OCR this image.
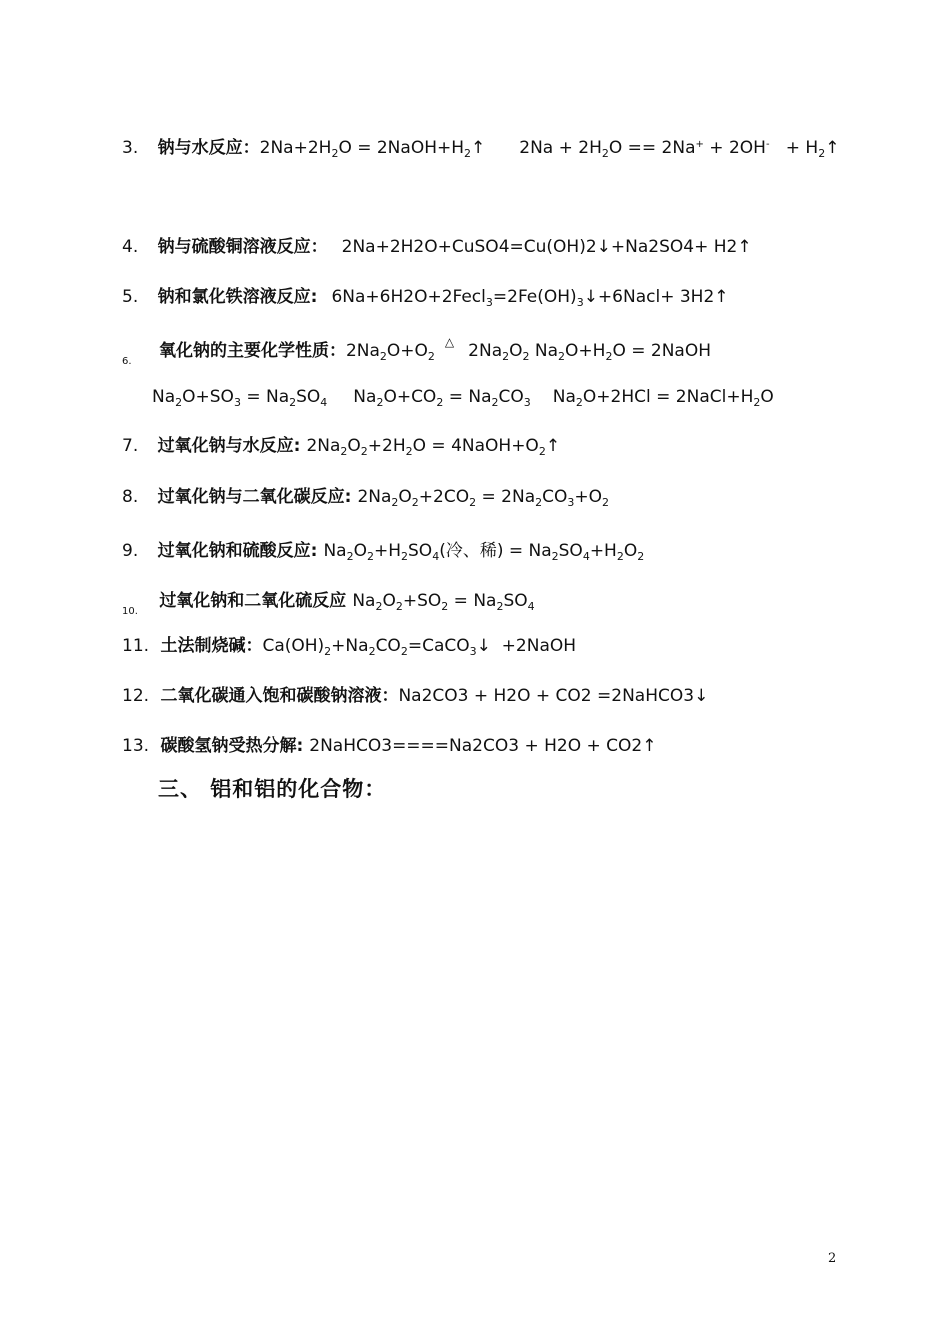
3. 钠与水反应：$2Na+2H_2O$ = $2NaOH+H_2↑$ $2Na + 2H_2O == 2Na^+ + 2OH^-$   + $H_2↑$
4. 钠与硫酸铜溶液反应： 2Na+2H2O+CuSO4=Cu(OH)2↓+Na2SO4+ H2↑
5. 钠和氯化铁溶液反应: $6Na+6H2O+2Fecl_3=2Fe(OH)_3↓+6Nacl+$ 3H2↑
6. 氧化钠的主要化学性质：$2Na_2O+O_2^\triangle$ $2Na_2O_2$ $Na_2O+H_2O$ = 2NaOH
$Na_2O+SO_3 = Na_2SO_4$ $Na_2O+CO_2 = Na_2CO_3$ $Na_2O+2HCl$ = $2NaCl+H_2O$
7. 过氧化钠与水反应: $2Na_2O_2+2H_2O$ = $4NaOH+O_2↑$
8. 过氧化钠与二氧化碳反应: $2Na_2O_2+2CO_2 = 2Na_2CO_3+O_2$
9. 过氧化钠和硫酸反应: $Na_2O_2+H_2SO_4$(冷、稀) = $Na_2SO_4+H_2O_2$
10. 过氧化钠和二氧化硫反应 $Na_2O_2+SO_2 = Na_2SO_4$
11. 土法制烧碱：$Ca(OH)_2+Na_2CO_2=CaCO_3↓$  +2NaOH
12. 二氧化碳通入饱和碳酸钠溶液：Na2CO3 + H2O + CO2 =2NaHCO3↓
13. 碳酸氢钠受热分解: 2NaHCO3====Na2CO3 + H2O + CO2↑
三、 铝和铝的化合物：
2
